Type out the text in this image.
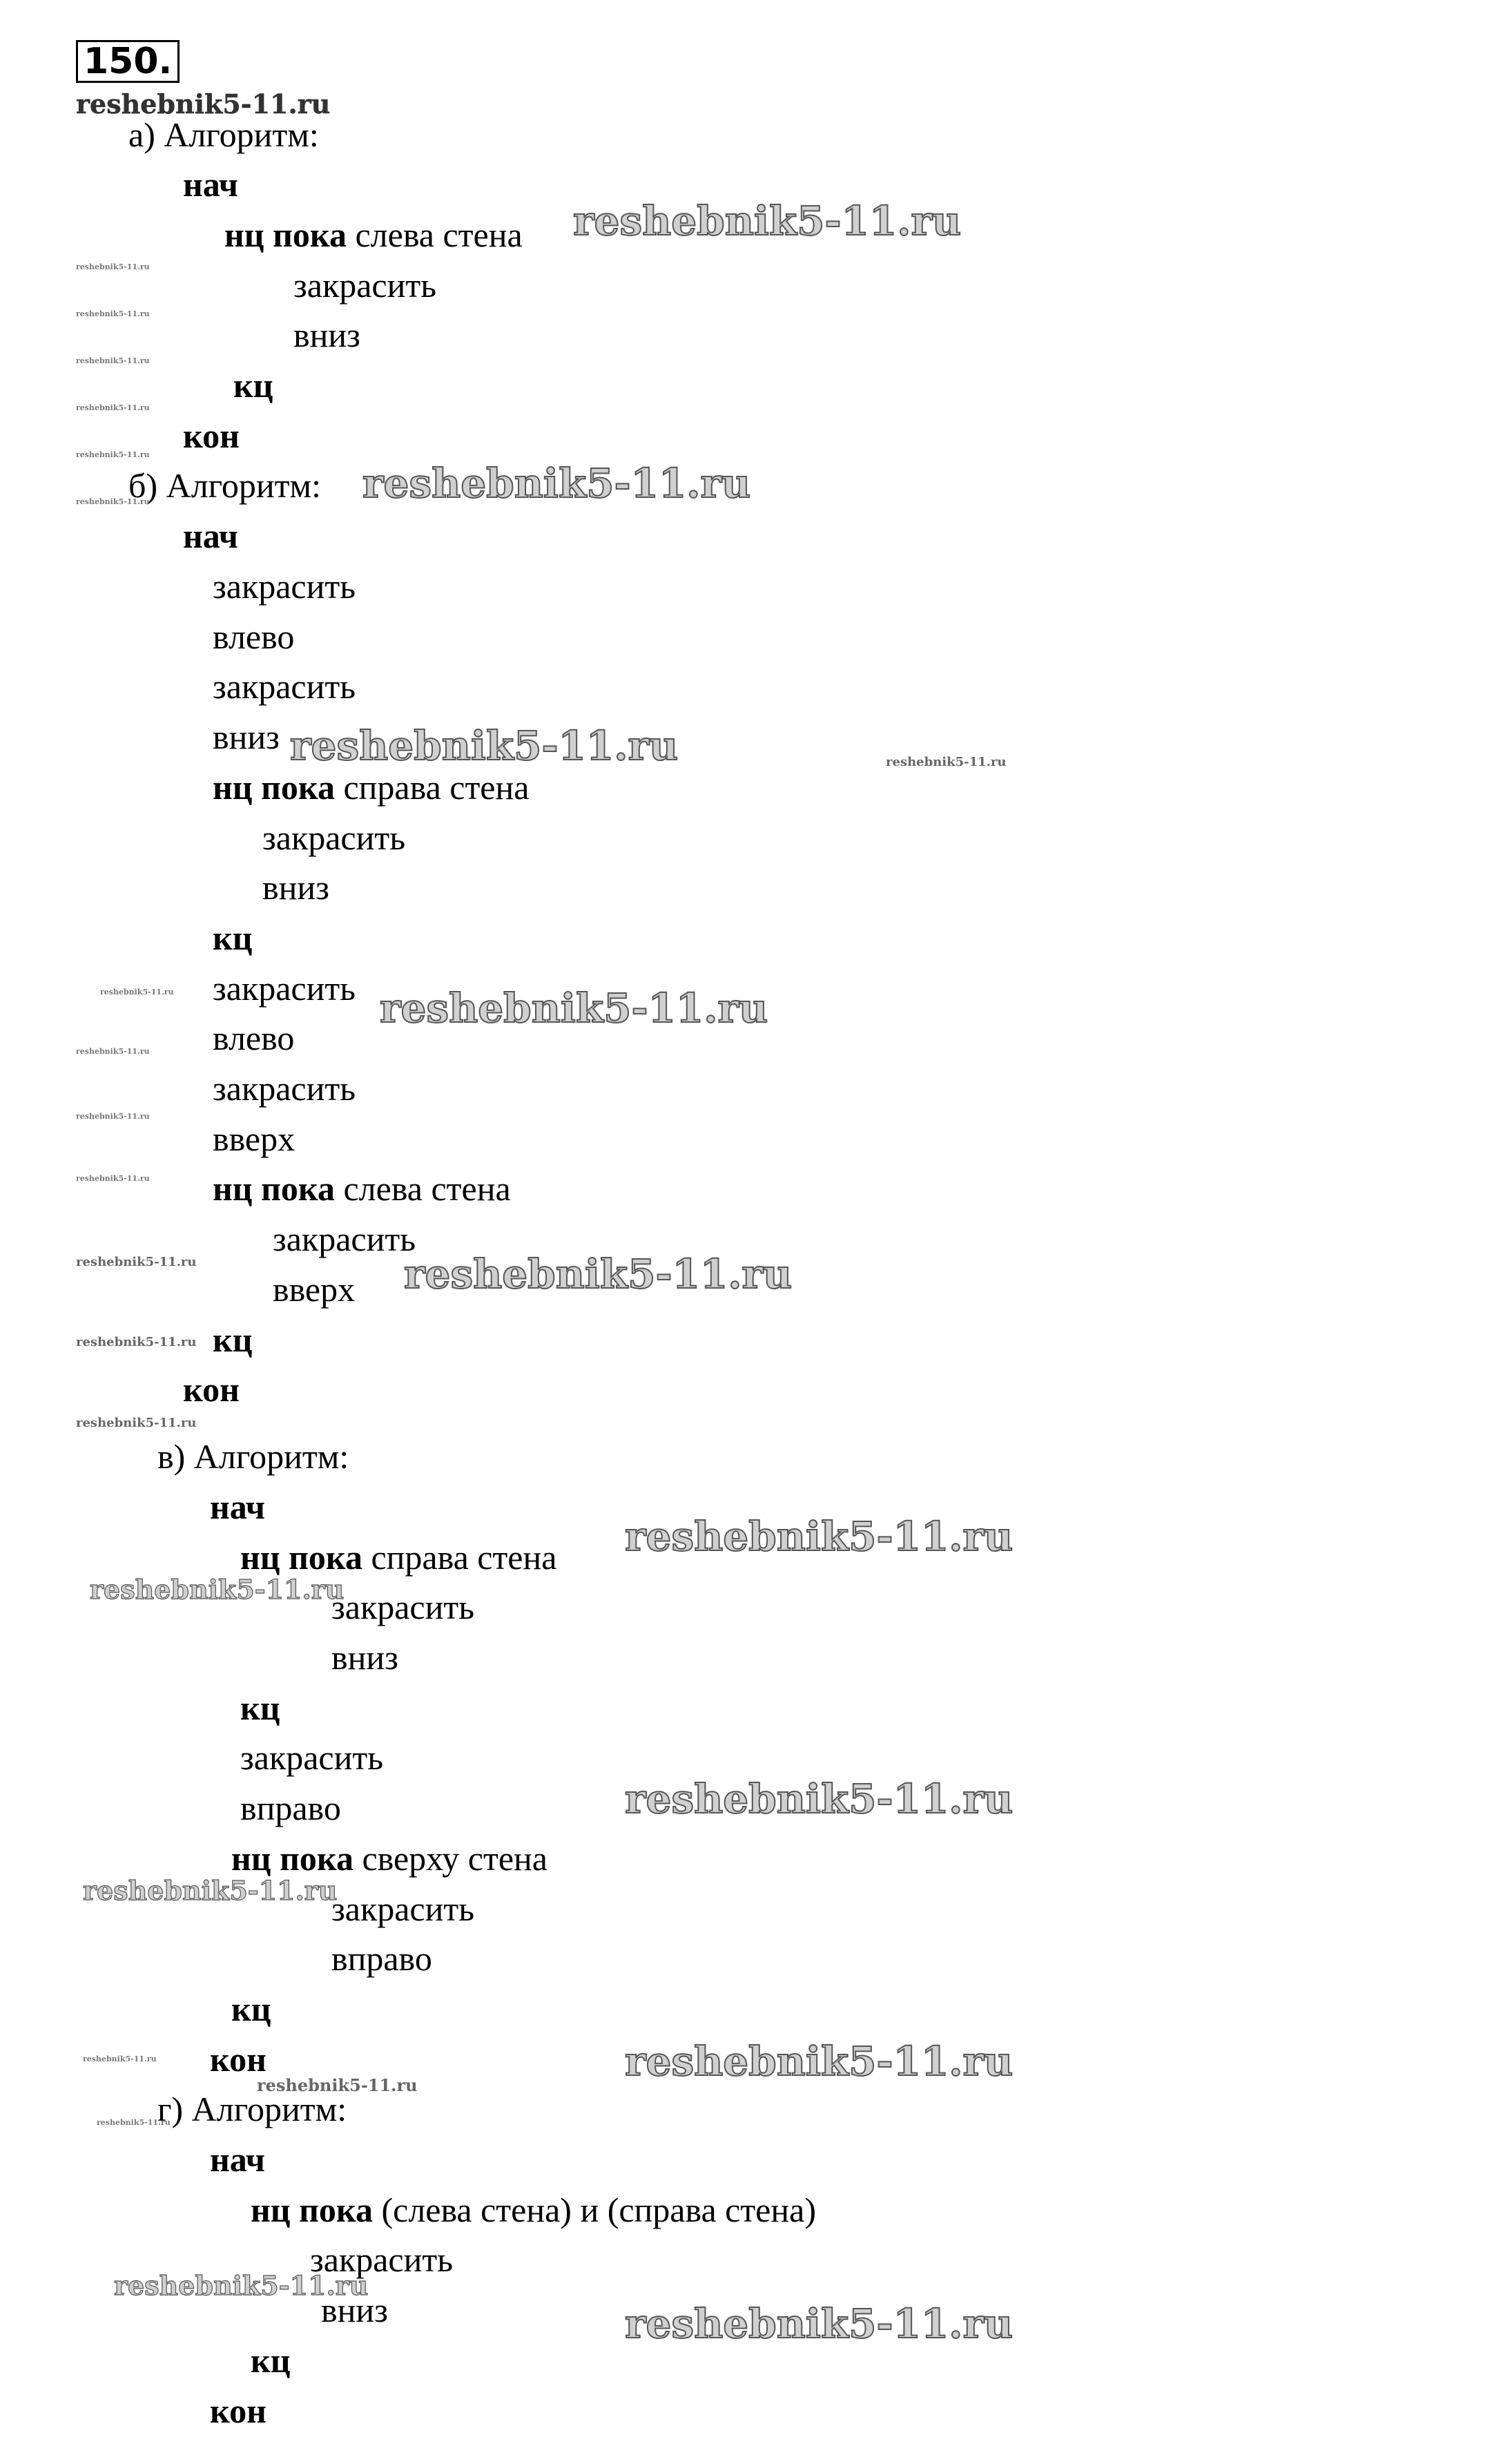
150.
а) Алгоритм:
нач
нц пока слева стена
закрасить
вниз
кц
кон
б) Алгоритм:
нач
закрасить
влево
закрасить
вниз
нц пока справа стена
закрасить
вниз
кц
закрасить
влево
закрасить
вверх
нц пока слева стена
закрасить
вверх
кц
кон
в) Алгоритм:
нач
нц пока справа стена
закрасить
вниз
кц
закрасить
вправо
нц пока сверху стена
закрасить
вправо
кц
кон
г) Алгоритм:
нач
нц пока (слева стена) и (справа стена)
закрасить
вниз
кц
кон
reshebnik5-11.ru
reshebnik5-11.ru
reshebnik5-11.ru
reshebnik5-11.ru
reshebnik5-11.ru
reshebnik5-11.ru
reshebnik5-11.ru
reshebnik5-11.ru
reshebnik5-11.ru
reshebnik5-11.ru
reshebnik5-11.ru
reshebnik5-11.ru
reshebnik5-11.ru
reshebnik5-11.ru
reshebnik5-11.ru
reshebnik5-11.ru
reshebnik5-11.ru
reshebnik5-11.ru
reshebnik5-11.ru
reshebnik5-11.ru
reshebnik5-11.ru
reshebnik5-11.ru
reshebnik5-11.ru
reshebnik5-11.ru
reshebnik5-11.ru
reshebnik5-11.ru
reshebnik5-11.ru
reshebnik5-11.ru
reshebnik5-11.ru
reshebnik5-11.ru
